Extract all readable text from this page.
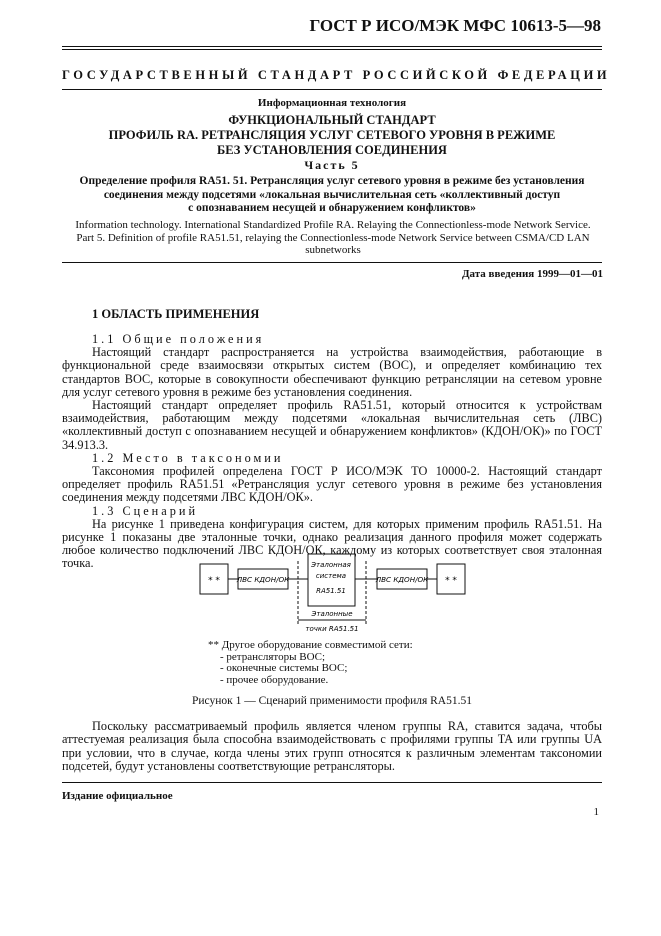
ГОСТ Р ИСО/МЭК МФС 10613-5—98
ГОСУДАРСТВЕННЫЙ СТАНДАРТ РОССИЙСКОЙ ФЕДЕРАЦИИ
Информационная технология
ФУНКЦИОНАЛЬНЫЙ СТАНДАРТ
ПРОФИЛЬ RA. РЕТРАНСЛЯЦИЯ УСЛУГ СЕТЕВОГО УРОВНЯ В РЕЖИМЕ
БЕЗ УСТАНОВЛЕНИЯ СОЕДИНЕНИЯ
Часть 5
Определение профиля RA51. 51. Ретрансляция услуг сетевого уровня в режиме без установления
соединения между подсетями «локальная вычислительная сеть «коллективный доступ
с опознаванием несущей и обнаружением конфликтов»
Information technology. International Standardized Profile RA. Relaying the Connectionless-mode Network Service.
Part 5. Definition of profile RA51.51, relaying the Connectionless-mode Network Service between CSMA/CD LAN
subnetworks
Дата введения 1999—01—01
1 ОБЛАСТЬ ПРИМЕНЕНИЯ

1.1 Общие положения

Настоящий стандарт распространяется на устройства взаимодействия, работающие в функциональной среде взаимосвязи открытых систем (ВОС), и определяет комбинацию тех стандартов ВОС, которые в совокупности обеспечивают функцию ретрансляции на сетевом уровне для услуг сетевого уровня в режиме без установления соединения.

Настоящий стандарт определяет профиль RA51.51, который относится к устройствам взаимодействия, работающим между подсетями «локальная вычислительная сеть (ЛВС) «коллективный доступ с опознаванием несущей и обнаружением конфликтов» (КДОН/ОК)» по ГОСТ 34.913.3.

1.2 Место в таксономии

Таксономия профилей определена ГОСТ Р ИСО/МЭК ТО 10000-2. Настоящий стандарт определяет профиль RA51.51 «Ретрансляция услуг сетевого уровня в режиме без установления соединения между подсетями ЛВС КДОН/ОК».

1.3 Сценарий

На рисунке 1 приведена конфигурация систем, для которых применим профиль RA51.51. На рисунке 1 показаны две эталонные точки, однако реализация данного профиля может содержать любое количество подключений ЛВС КДОН/ОК, каждому из которых соответствует своя эталонная точка.

* * ЛВС КДОН/ОК
Эталонная
система
RA51.51
ЛВС КДОН/ОК * *
Эталонные
точки RA51.51
** Другое оборудование совместимой сети:
- ретрансляторы ВОС;
- оконечные системы ВОС;
- прочее оборудование.
Рисунок 1 — Сценарий применимости профиля RA51.51

Поскольку рассматриваемый профиль является членом группы RA, ставится задача, чтобы аттестуемая реализация была способна взаимодействовать с профилями группы TA или группы UA при условии, что в случае, когда члены этих групп относятся к различным элементам таксономии подсетей, будут установлены соответствующие ретрансляторы.

Издание официальное
1
